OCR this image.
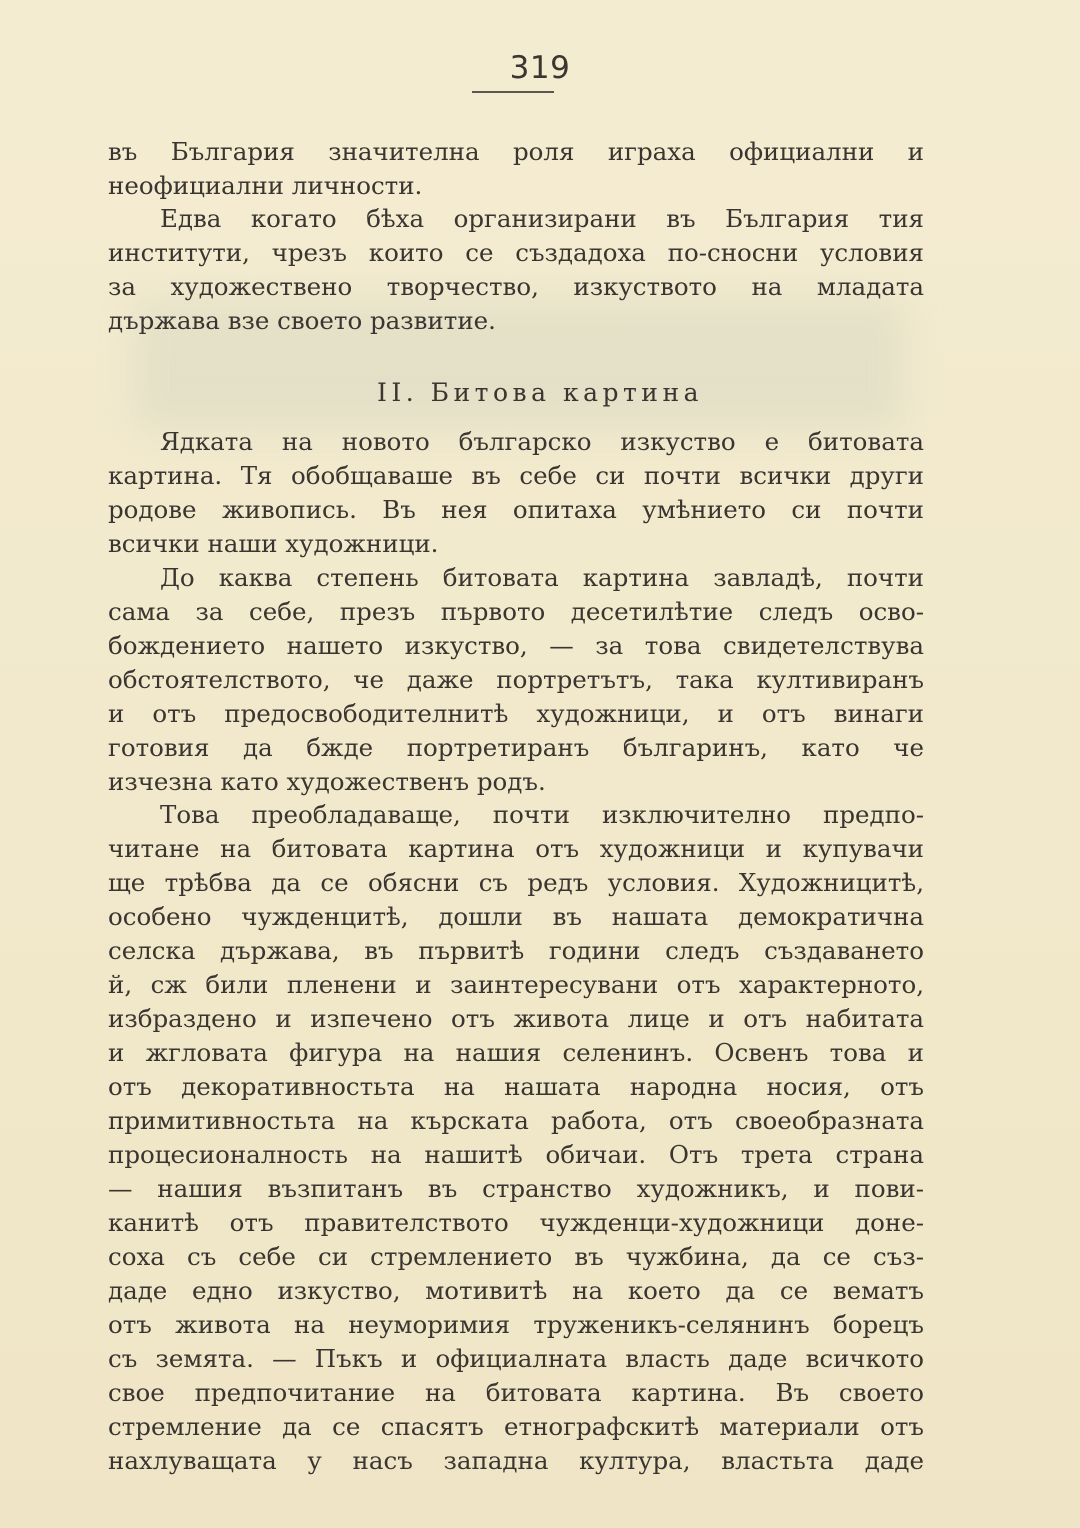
319
II. Битова картина
въ България значителна роля играха официални и
неофициални личности.
Едва когато бѣха организирани въ България тия
институти, чрезъ които се създадоха по-сносни условия
за художествено творчество, изкуството на младата
държава взе своето развитие.
Ядката на новото българско изкуство е битовата
картина. Тя обобщаваше въ себе си почти всички други
родове живопись. Въ нея опитаха умѣнието си почти
всички наши художници.
До каква степень битовата картина завладѣ, почти
сама за себе, презъ първото десетилѣтие следъ осво-
бождението нашето изкуство, — за това свидетелствува
обстоятелството, че даже портретътъ, така култивиранъ
и отъ предосвободителнитѣ художници, и отъ винаги
готовия да бжде портретиранъ българинъ, като че
изчезна като художественъ родъ.
Това преобладаваще, почти изключително предпо-
читане на битовата картина отъ художници и купувачи
ще трѣбва да се обясни съ редъ условия. Художницитѣ,
особено чужденцитѣ, дошли въ нашата демократична
селска държава, въ първитѣ години следъ създаването
й, сж били пленени и заинтересувани отъ характерното,
избраздено и изпечено отъ живота лице и отъ набитата
и жгловата фигура на нашия селенинъ. Освенъ това и
отъ декоративностьта на нашата народна носия, отъ
примитивностьта на кърската работа, отъ своеобразната
процесионалность на нашитѣ обичаи. Отъ трета страна
— нашия възпитанъ въ странство художникъ, и пови-
канитѣ отъ правителството чужденци-художници доне-
соха съ себе си стремлението въ чужбина, да се съз-
даде едно изкуство, мотивитѣ на което да се вематъ
отъ живота на неуморимия труженикъ-селянинъ борецъ
съ земята. — Пъкъ и официалната власть даде всичкото
свое предпочитание на битовата картина. Въ своето
стремление да се спасятъ етнографскитѣ материали отъ
нахлуващата у насъ западна култура, властьта даде
